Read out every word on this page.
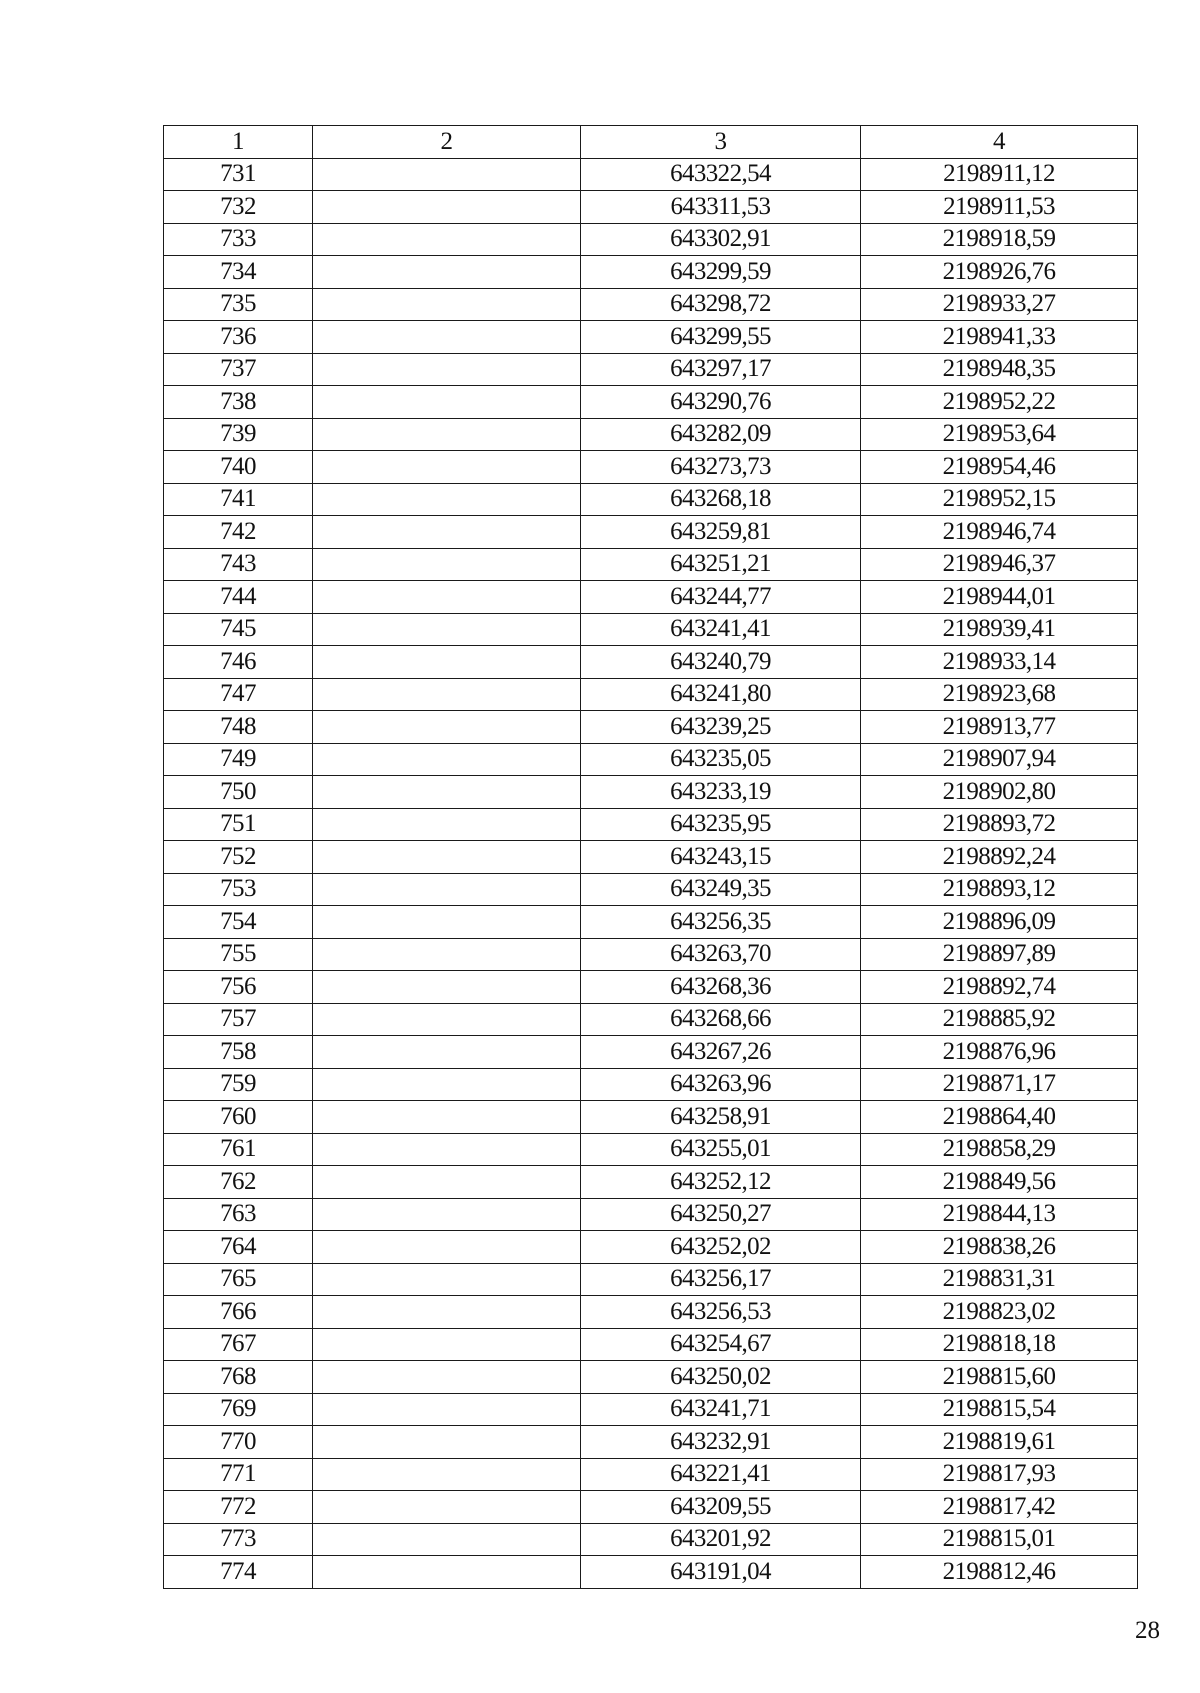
1	2	3	4
731		643322,54	2198911,12
732		643311,53	2198911,53
733		643302,91	2198918,59
734		643299,59	2198926,76
735		643298,72	2198933,27
736		643299,55	2198941,33
737		643297,17	2198948,35
738		643290,76	2198952,22
739		643282,09	2198953,64
740		643273,73	2198954,46
741		643268,18	2198952,15
742		643259,81	2198946,74
743		643251,21	2198946,37
744		643244,77	2198944,01
745		643241,41	2198939,41
746		643240,79	2198933,14
747		643241,80	2198923,68
748		643239,25	2198913,77
749		643235,05	2198907,94
750		643233,19	2198902,80
751		643235,95	2198893,72
752		643243,15	2198892,24
753		643249,35	2198893,12
754		643256,35	2198896,09
755		643263,70	2198897,89
756		643268,36	2198892,74
757		643268,66	2198885,92
758		643267,26	2198876,96
759		643263,96	2198871,17
760		643258,91	2198864,40
761		643255,01	2198858,29
762		643252,12	2198849,56
763		643250,27	2198844,13
764		643252,02	2198838,26
765		643256,17	2198831,31
766		643256,53	2198823,02
767		643254,67	2198818,18
768		643250,02	2198815,60
769		643241,71	2198815,54
770		643232,91	2198819,61
771		643221,41	2198817,93
772		643209,55	2198817,42
773		643201,92	2198815,01
774		643191,04	2198812,46
28
